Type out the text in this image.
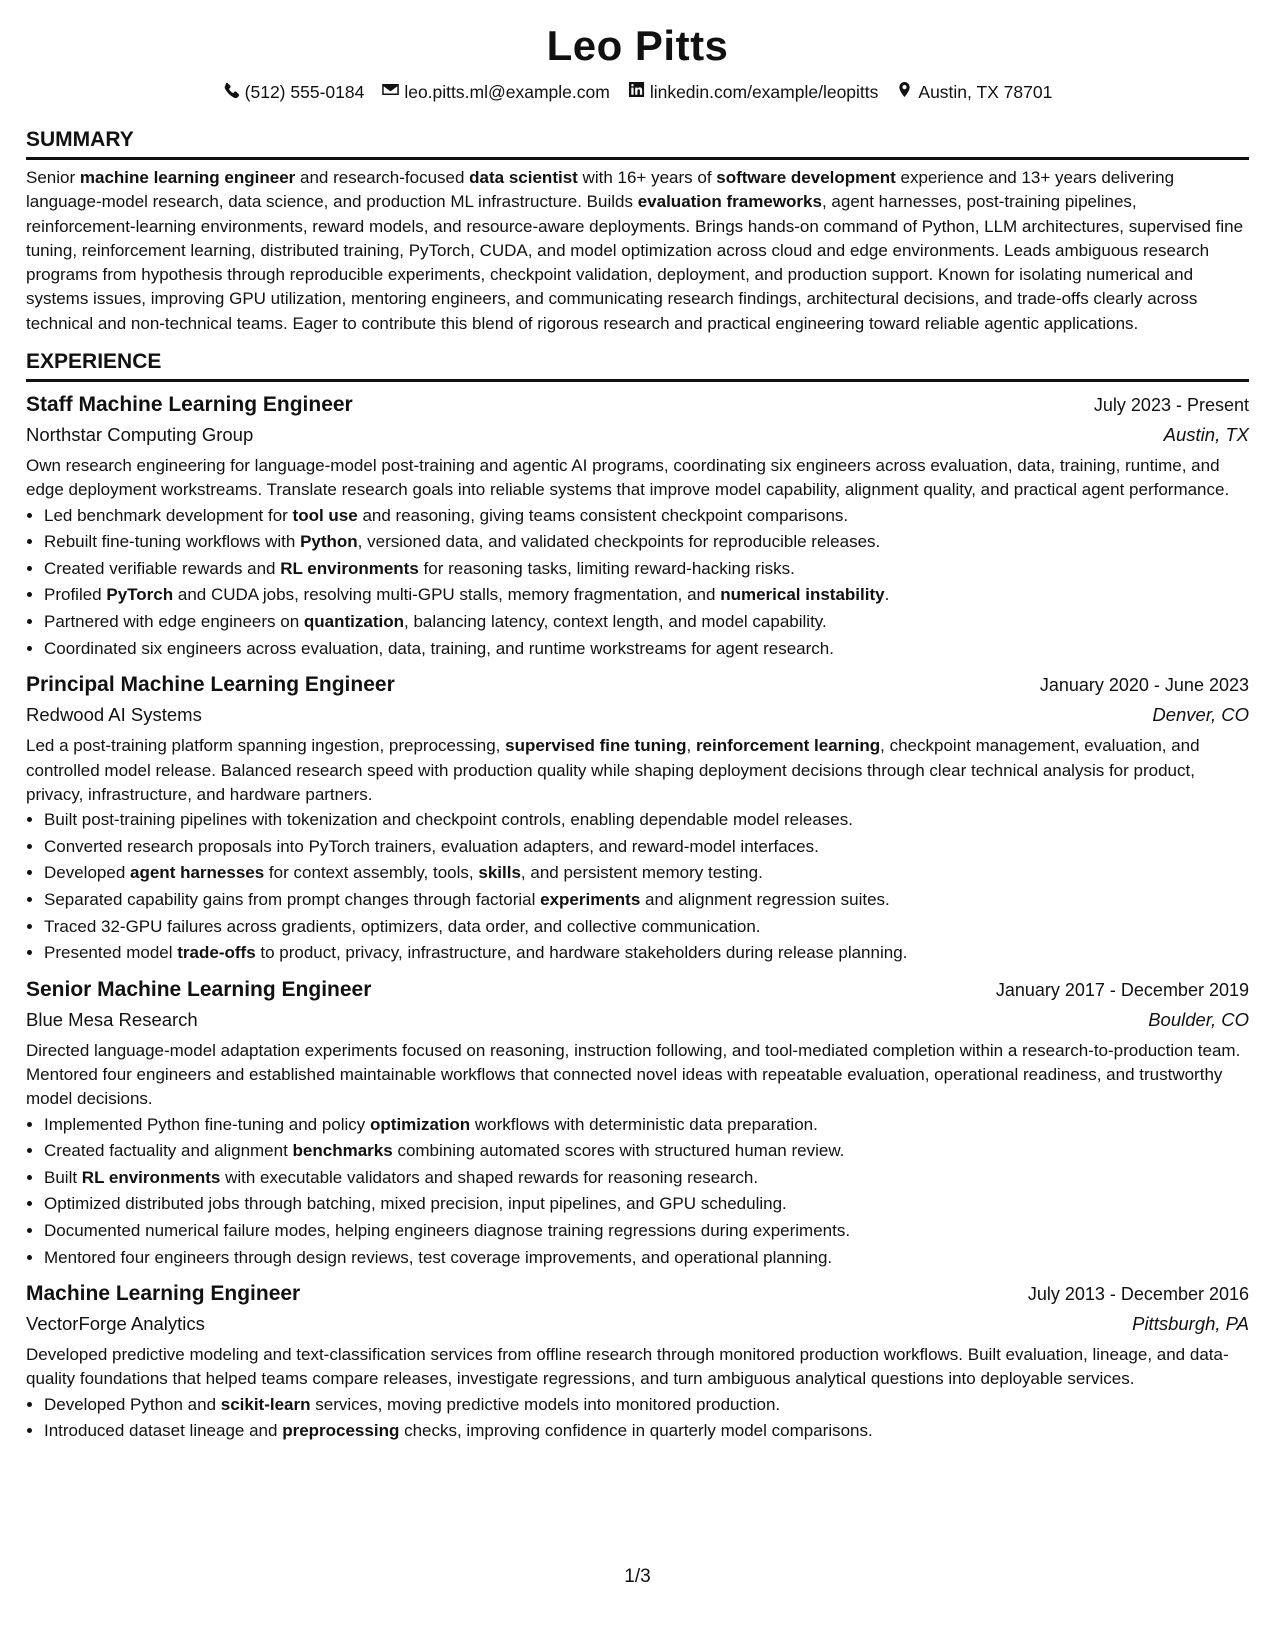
Leo Pitts
(512) 555-0184 leo.pitts.ml@example.com linkedin.com/example/leopitts Austin, TX 78701
SUMMARY

Senior machine learning engineer and research-focused data scientist with 16+ years of software development experience and 13+ years delivering language-model research, data science, and production ML infrastructure. Builds evaluation frameworks, agent harnesses, post-training pipelines, reinforcement-learning environments, reward models, and resource-aware deployments. Brings hands-on command of Python, LLM architectures, supervised fine tuning, reinforcement learning, distributed training, PyTorch, CUDA, and model optimization across cloud and edge environments. Leads ambiguous research programs from hypothesis through reproducible experiments, checkpoint validation, deployment, and production support. Known for isolating numerical and systems issues, improving GPU utilization, mentoring engineers, and communicating research findings, architectural decisions, and trade-offs clearly across technical and non-technical teams. Eager to contribute this blend of rigorous research and practical engineering toward reliable agentic applications.

EXPERIENCE
Staff Machine Learning Engineer	July 2023 - Present
Northstar Computing Group	Austin, TX

Own research engineering for language-model post-training and agentic AI programs, coordinating six engineers across evaluation, data, training, runtime, and edge deployment workstreams. Translate research goals into reliable systems that improve model capability, alignment quality, and practical agent performance.

• Led benchmark development for tool use and reasoning, giving teams consistent checkpoint comparisons.
• Rebuilt fine-tuning workflows with Python, versioned data, and validated checkpoints for reproducible releases.
• Created verifiable rewards and RL environments for reasoning tasks, limiting reward-hacking risks.
• Profiled PyTorch and CUDA jobs, resolving multi-GPU stalls, memory fragmentation, and numerical instability.
• Partnered with edge engineers on quantization, balancing latency, context length, and model capability.
• Coordinated six engineers across evaluation, data, training, and runtime workstreams for agent research.
Principal Machine Learning Engineer	January 2020 - June 2023
Redwood AI Systems	Denver, CO

Led a post-training platform spanning ingestion, preprocessing, supervised fine tuning, reinforcement learning, checkpoint management, evaluation, and controlled model release. Balanced research speed with production quality while shaping deployment decisions through clear technical analysis for product, privacy, infrastructure, and hardware partners.

• Built post-training pipelines with tokenization and checkpoint controls, enabling dependable model releases.
• Converted research proposals into PyTorch trainers, evaluation adapters, and reward-model interfaces.
• Developed agent harnesses for context assembly, tools, skills, and persistent memory testing.
• Separated capability gains from prompt changes through factorial experiments and alignment regression suites.
• Traced 32-GPU failures across gradients, optimizers, data order, and collective communication.
• Presented model trade-offs to product, privacy, infrastructure, and hardware stakeholders during release planning.
Senior Machine Learning Engineer	January 2017 - December 2019
Blue Mesa Research	Boulder, CO

Directed language-model adaptation experiments focused on reasoning, instruction following, and tool-mediated completion within a research-to-production team. Mentored four engineers and established maintainable workflows that connected novel ideas with repeatable evaluation, operational readiness, and trustworthy model decisions.

• Implemented Python fine-tuning and policy optimization workflows with deterministic data preparation.
• Created factuality and alignment benchmarks combining automated scores with structured human review.
• Built RL environments with executable validators and shaped rewards for reasoning research.
• Optimized distributed jobs through batching, mixed precision, input pipelines, and GPU scheduling.
• Documented numerical failure modes, helping engineers diagnose training regressions during experiments.
• Mentored four engineers through design reviews, test coverage improvements, and operational planning.
Machine Learning Engineer	July 2013 - December 2016
VectorForge Analytics	Pittsburgh, PA

Developed predictive modeling and text-classification services from offline research through monitored production workflows. Built evaluation, lineage, and data-quality foundations that helped teams compare releases, investigate regressions, and turn ambiguous analytical questions into deployable services.

• Developed Python and scikit-learn services, moving predictive models into monitored production.
• Introduced dataset lineage and preprocessing checks, improving confidence in quarterly model comparisons.
1/3
